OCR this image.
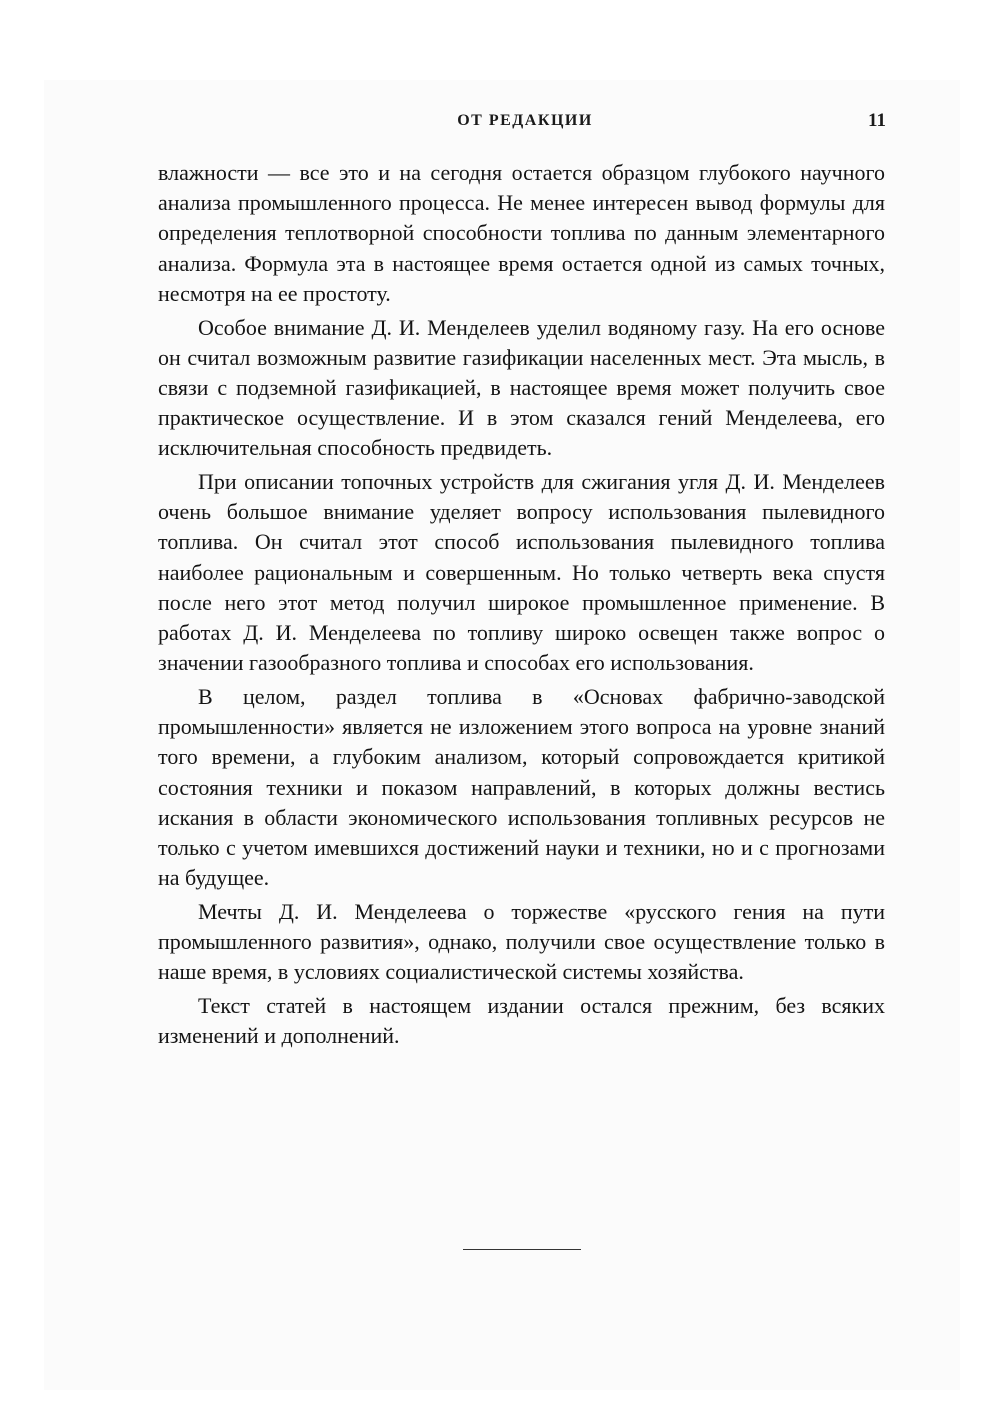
ОТ РЕДАКЦИИ	11

влажности — все это и на сегодня остается образцом глубокого научного анализа промышленного процесса. Не менее интересен вывод формулы для определения теплотворной способности топлива по данным элементарного анализа. Формула эта в настоящее время остается одной из самых точных, несмотря на ее простоту.

Особое внимание Д. И. Менделеев уделил водяному газу. На его основе он считал возможным развитие газификации населенных мест. Эта мысль, в связи с подземной газификацией, в настоящее время может получить свое практическое осуществление. И в этом сказался гений Менделеева, его исключительная способность предвидеть.

При описании топочных устройств для сжигания угля Д. И. Менделеев очень большое внимание уделяет вопросу использования пылевидного топлива. Он считал этот способ использования пылевидного топлива наиболее рациональным и совершенным. Но только четверть века спустя после него этот метод получил широкое промышленное применение. В работах Д. И. Менделеева по топливу широко освещен также вопрос о значении газообразного топлива и способах его использования.

В целом, раздел топлива в «Основах фабрично-заводской промышленности» является не изложением этого вопроса на уровне знаний того времени, а глубоким анализом, который сопровождается критикой состояния техники и показом направлений, в которых должны вестись искания в области экономического использования топливных ресурсов не только с учетом имевшихся достижений науки и техники, но и с прогнозами на будущее.

Мечты Д. И. Менделеева о торжестве «русского гения на пути промышленного развития», однако, получили свое осуществление только в наше время, в условиях социалистической системы хозяйства.

Текст статей в настоящем издании остался прежним, без всяких изменений и дополнений.
